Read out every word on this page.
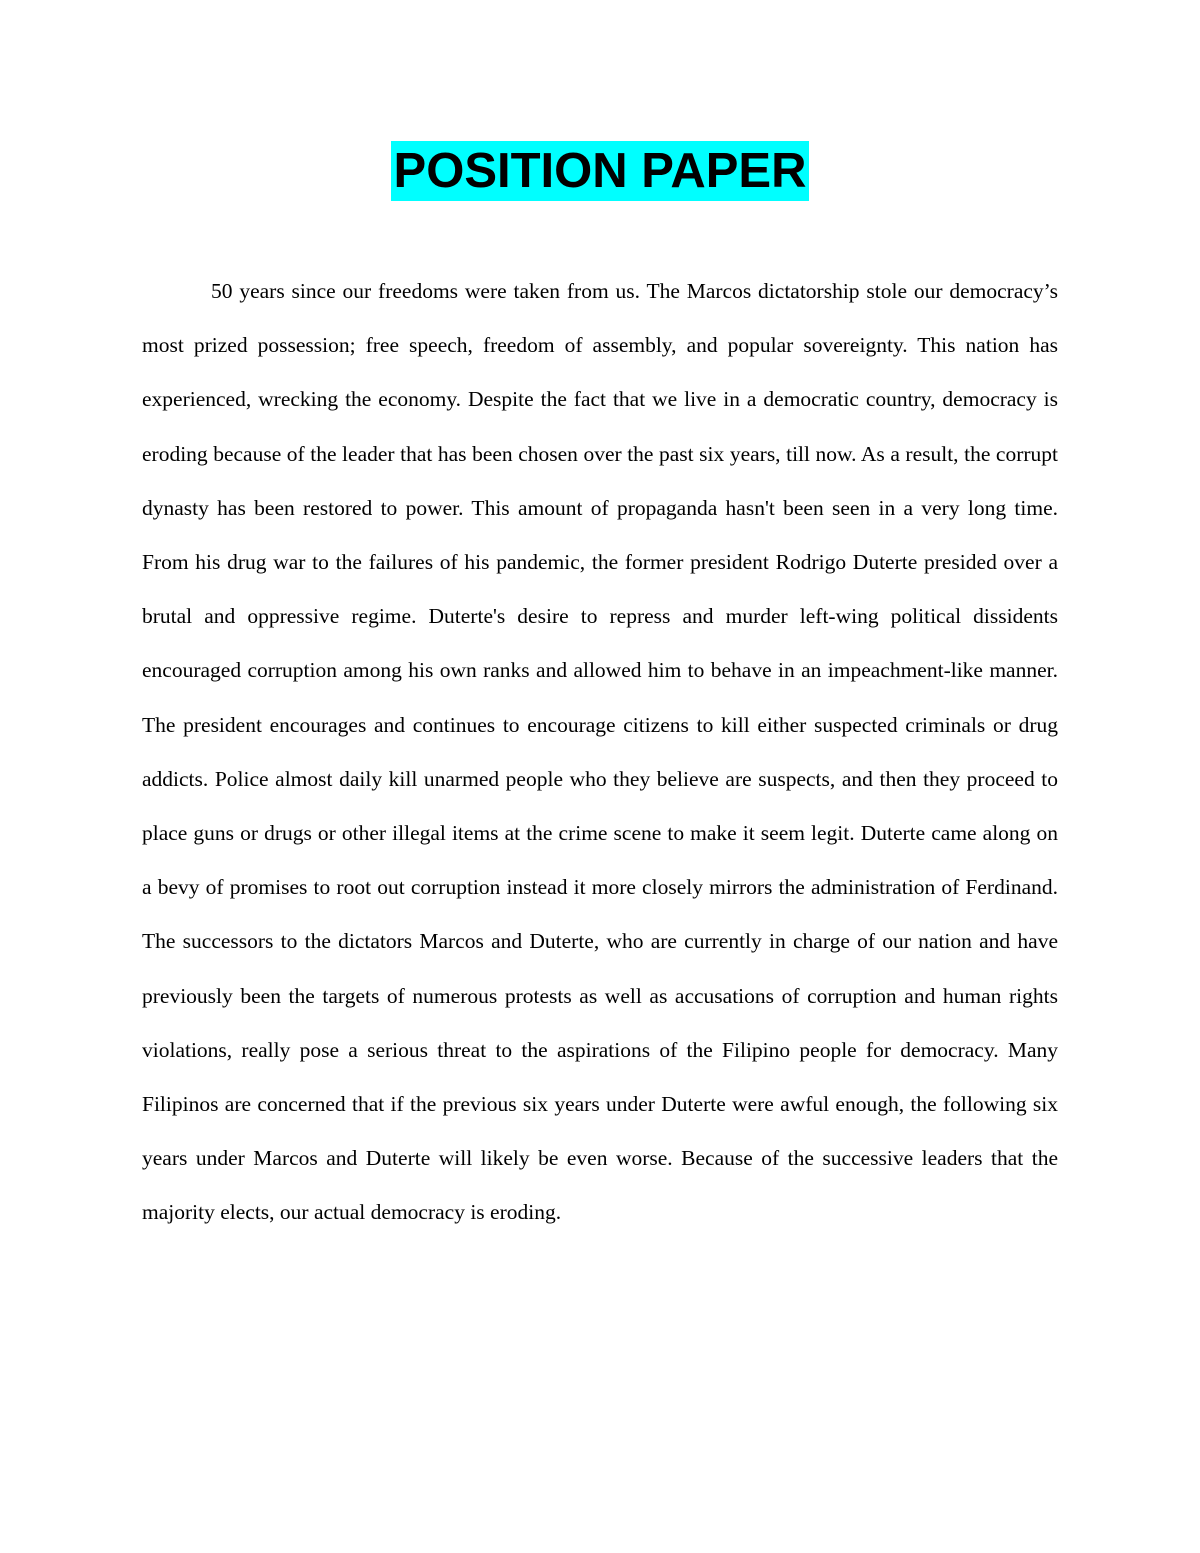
POSITION PAPER

50 years since our freedoms were taken from us. The Marcos dictatorship stole our democracy’s most prized possession; free speech, freedom of assembly, and popular sovereignty. This nation has experienced, wrecking the economy. Despite the fact that we live in a democratic country, democracy is eroding because of the leader that has been chosen over the past six years, till now. As a result, the corrupt dynasty has been restored to power. This amount of propaganda hasn't been seen in a very long time. From his drug war to the failures of his pandemic, the former president Rodrigo Duterte presided over a brutal and oppressive regime. Duterte's desire to repress and murder left-wing political dissidents encouraged corruption among his own ranks and allowed him to behave in an impeachment-like manner. The president encourages and continues to encourage citizens to kill either suspected criminals or drug addicts. Police almost daily kill unarmed people who they believe are suspects, and then they proceed to place guns or drugs or other illegal items at the crime scene to make it seem legit. Duterte came along on a bevy of promises to root out corruption instead it more closely mirrors the administration of Ferdinand. The successors to the dictators Marcos and Duterte, who are currently in charge of our nation and have previously been the targets of numerous protests as well as accusations of corruption and human rights violations, really pose a serious threat to the aspirations of the Filipino people for democracy. Many Filipinos are concerned that if the previous six years under Duterte were awful enough, the following six years under Marcos and Duterte will likely be even worse. Because of the successive leaders that the majority elects, our actual democracy is eroding.
